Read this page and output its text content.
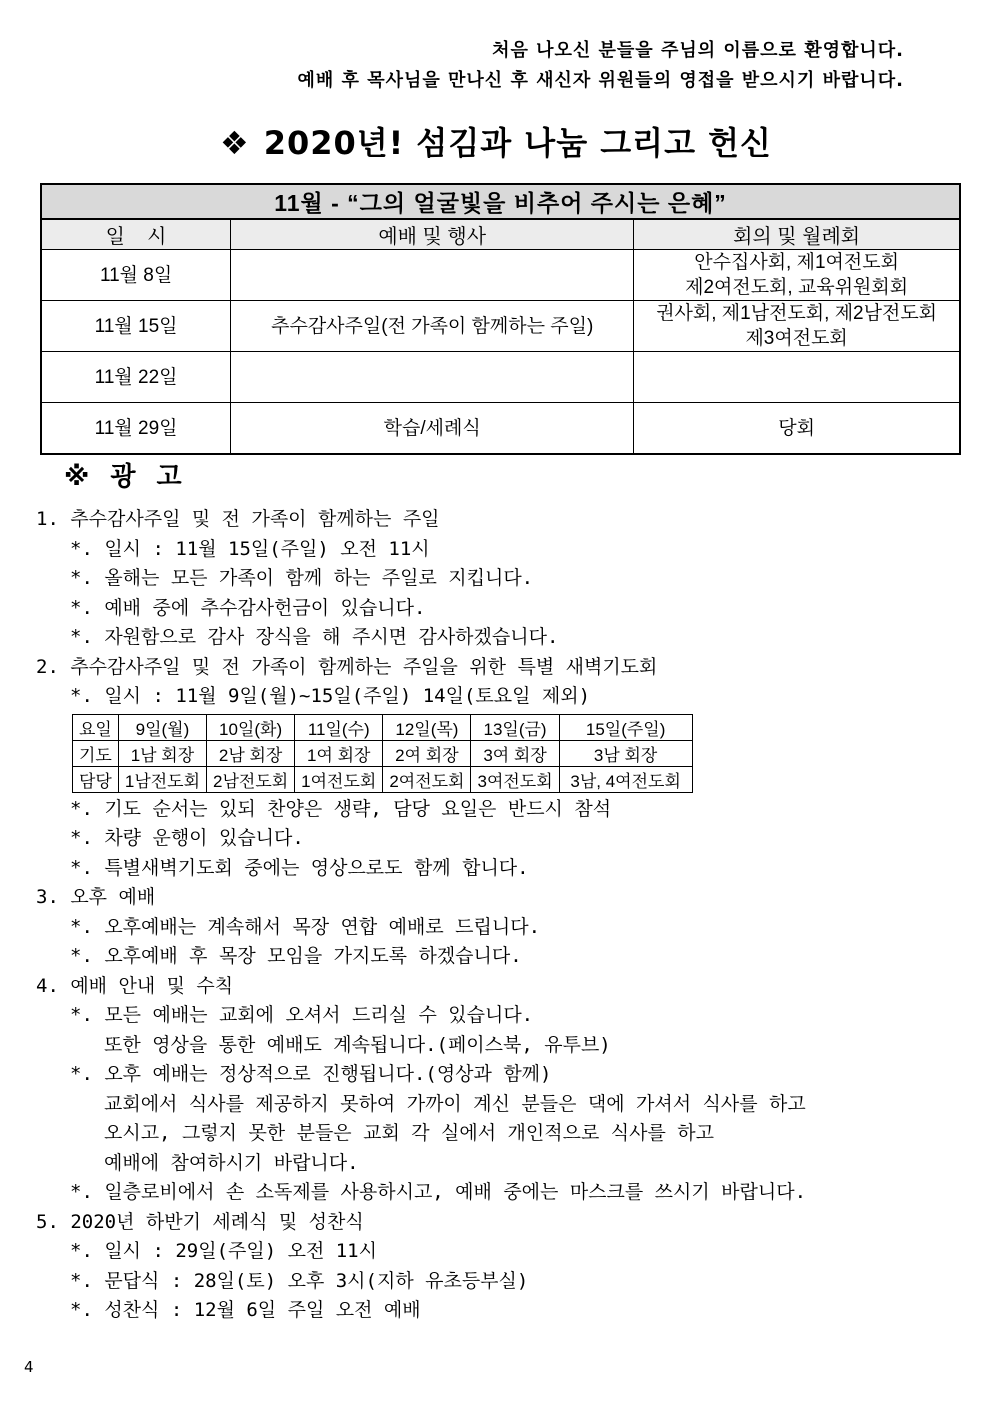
처음 나오신 분들을 주님의 이름으로 환영합니다.
예배 후 목사님을 만나신 후 새신자 위원들의 영접을 받으시기 바랍니다.
❖ 2020년! 섬김과 나눔 그리고 헌신
11월 - “그의 얼굴빛을 비추어 주시는 은혜”		
일    시	예배 및 행사	회의 및 월례회
11월 8일		안수집사회, 제1여전도회
제2여전도회, 교육위원회회

11월 15일	추수감사주일(전 가족이 함께하는 주일)	권사회, 제1남전도회, 제2남전도회
제3여전도회

11월 22일		

11월 29일	학습/세례식	당회
※ 광 고
1. 추수감사주일 및 전 가족이 함께하는 주일
*. 일시 : 11월 15일(주일) 오전 11시
*. 올해는 모든 가족이 함께 하는 주일로 지킵니다.
*. 예배 중에 추수감사헌금이 있습니다.
*. 자원함으로 감사 장식을 해 주시면 감사하겠습니다.
2. 추수감사주일 및 전 가족이 함께하는 주일을 위한 특별 새벽기도회
*. 일시 : 11월 9일(월)~15일(주일) 14일(토요일 제외)
요일	9일(월)	10일(화)	11일(수)	12일(목)	13일(금)	15일(주일)
기도	1남 회장	2남 회장	1여 회장	2여 회장	3여 회장	3남 회장
담당	1남전도회	2남전도회	1여전도회	2여전도회	3여전도회	3남, 4여전도회
*. 기도 순서는 있되 찬양은 생략, 담당 요일은 반드시 참석
*. 차량 운행이 있습니다.
*. 특별새벽기도회 중에는 영상으로도 함께 합니다.
3. 오후 예배
*. 오후예배는 계속해서 목장 연합 예배로 드립니다.
*. 오후예배 후 목장 모임을 가지도록 하겠습니다.
4. 예배 안내 및 수칙
*. 모든 예배는 교회에 오셔서 드리실 수 있습니다.
또한 영상을 통한 예배도 계속됩니다.(페이스북, 유투브)
*. 오후 예배는 정상적으로 진행됩니다.(영상과 함께)
교회에서 식사를 제공하지 못하여 가까이 계신 분들은 댁에 가셔서 식사를 하고
오시고, 그렇지 못한 분들은 교회 각 실에서 개인적으로 식사를 하고
예배에 참여하시기 바랍니다.
*. 일층로비에서 손 소독제를 사용하시고, 예배 중에는 마스크를 쓰시기 바랍니다.
5. 2020년 하반기 세례식 및 성찬식
*. 일시 : 29일(주일) 오전 11시
*. 문답식 : 28일(토) 오후 3시(지하 유초등부실)
*. 성찬식 : 12월 6일 주일 오전 예배
4
